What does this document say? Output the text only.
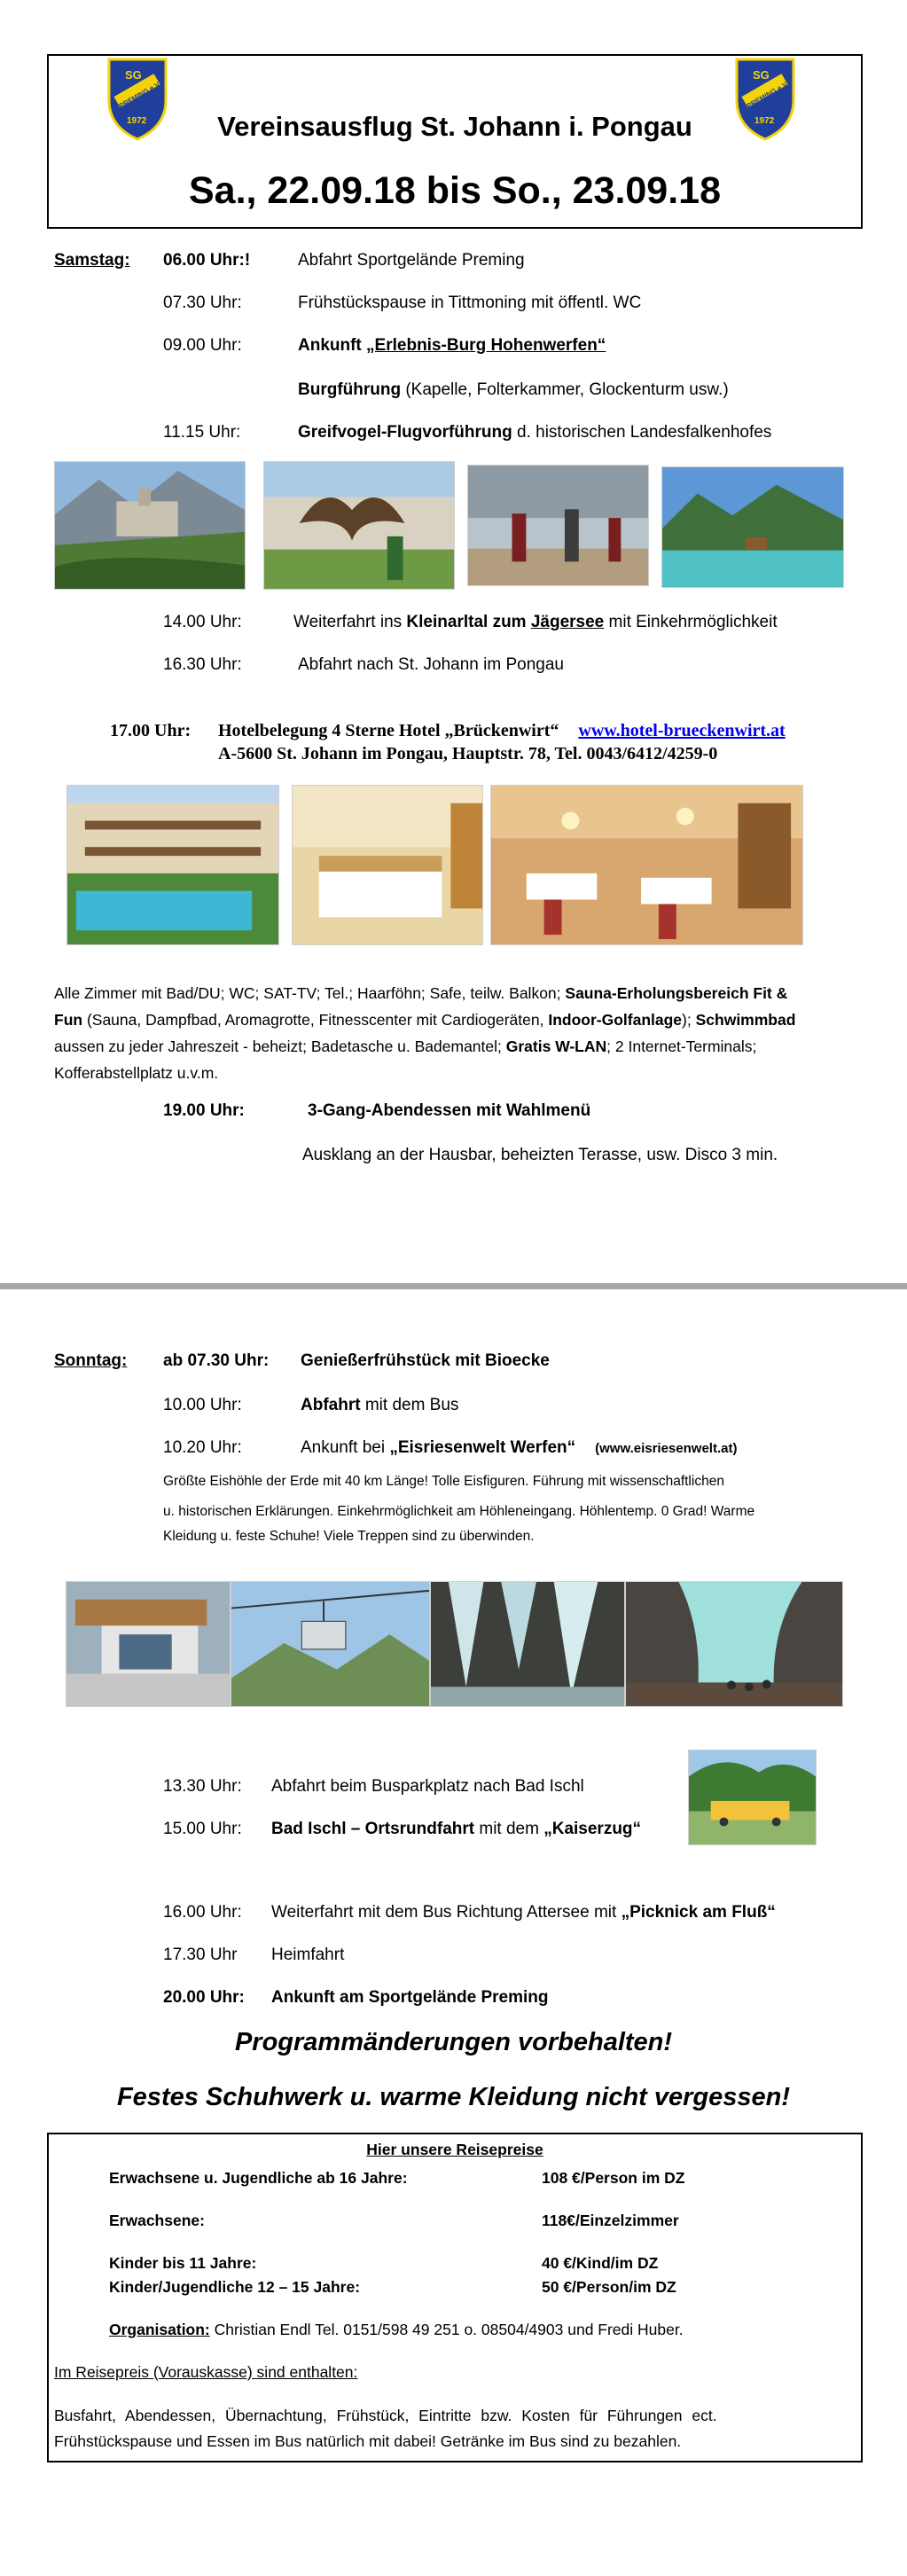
SG
PREMING e.V.
1972
SG
PREMING e.V.
1972
Vereinsausflug St. Johann i. Pongau
Sa., 22.09.18 bis So., 23.09.18
Samstag: 06.00 Uhr:!	Abfahrt Sportgelände Preming
07.30 Uhr:	Frühstückspause in Tittmoning mit öffentl. WC
09.00 Uhr:	Ankunft „Erlebnis-Burg Hohenwerfen“
Burgführung (Kapelle, Folterkammer, Glockenturm usw.)
11.15 Uhr:	Greifvogel-Flugvorführung d. historischen Landesfalkenhofes
14.00 Uhr:	Weiterfahrt ins Kleinarltal zum Jägersee mit Einkehrmöglichkeit
16.30 Uhr:	Abfahrt nach St. Johann im Pongau
17.00 Uhr: Hotelbelegung 4 Sterne Hotel „Brückenwirt“ www.hotel-brueckenwirt.at
A-5600 St. Johann im Pongau, Hauptstr. 78, Tel. 0043/6412/4259-0
Alle Zimmer mit Bad/DU; WC; SAT-TV; Tel.; Haarföhn; Safe, teilw. Balkon; Sauna-Erholungsbereich Fit &
Fun (Sauna, Dampfbad, Aromagrotte, Fitnesscenter mit Cardiogeräten, Indoor-Golfanlage); Schwimmbad
aussen zu jeder Jahreszeit - beheizt; Badetasche u. Bademantel; Gratis W-LAN; 2 Internet-Terminals;
Kofferabstellplatz u.v.m.
19.00 Uhr:	3-Gang-Abendessen mit Wahlmenü
Ausklang an der Hausbar, beheizten Terasse, usw. Disco 3 min.
Sonntag: ab 07.30 Uhr: Genießerfrühstück mit Bioecke
10.00 Uhr:	Abfahrt mit dem Bus
10.20 Uhr:	Ankunft bei „Eisriesenwelt Werfen“ (www.eisriesenwelt.at)
Größte Eishöhle der Erde mit 40 km Länge! Tolle Eisfiguren. Führung mit wissenschaftlichen
u. historischen Erklärungen. Einkehrmöglichkeit am Höhleneingang. Höhlentemp. 0 Grad! Warme
Kleidung u. feste Schuhe! Viele Treppen sind zu überwinden.
13.30 Uhr: Abfahrt beim Busparkplatz nach Bad Ischl
15.00 Uhr: Bad Ischl – Ortsrundfahrt mit dem „Kaiserzug“
16.00 Uhr: Weiterfahrt mit dem Bus Richtung Attersee mit „Picknick am Fluß“
17.30 Uhr Heimfahrt
20.00 Uhr: Ankunft am Sportgelände Preming
Programmänderungen vorbehalten!
Festes Schuhwerk u. warme Kleidung nicht vergessen!
Hier unsere Reisepreise
Erwachsene u. Jugendliche ab 16 Jahre:	108 €/Person im DZ
Erwachsene:	118€/Einzelzimmer
Kinder bis 11 Jahre:	40 €/Kind/im DZ
Kinder/Jugendliche 12 – 15 Jahre:	50 €/Person/im DZ
Organisation: Christian Endl Tel. 0151/598 49 251 o. 08504/4903 und Fredi Huber.
Im Reisepreis (Vorauskasse) sind enthalten:
Busfahrt, Abendessen, Übernachtung, Frühstück, Eintritte bzw. Kosten für Führungen ect.
Frühstückspause und Essen im Bus natürlich mit dabei! Getränke im Bus sind zu bezahlen.
